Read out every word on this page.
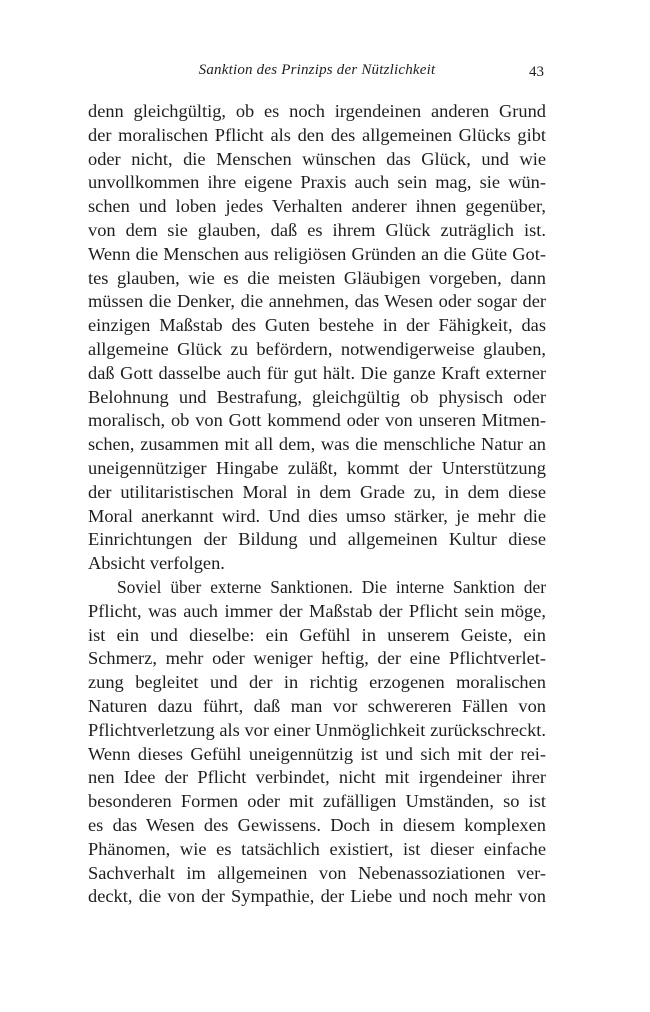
Sanktion des Prinzips der Nützlichkeit	43
denn gleichgültig, ob es noch irgendeinen anderen Grund
der moralischen Pflicht als den des allgemeinen Glücks gibt
oder nicht, die Menschen wünschen das Glück, und wie
unvollkommen ihre eigene Praxis auch sein mag, sie wün-
schen und loben jedes Verhalten anderer ihnen gegenüber,
von dem sie glauben, daß es ihrem Glück zuträglich ist.
Wenn die Menschen aus religiösen Gründen an die Güte Got-
tes glauben, wie es die meisten Gläubigen vorgeben, dann
müssen die Denker, die annehmen, das Wesen oder sogar der
einzigen Maßstab des Guten bestehe in der Fähigkeit, das
allgemeine Glück zu befördern, notwendigerweise glauben,
daß Gott dasselbe auch für gut hält. Die ganze Kraft externer
Belohnung und Bestrafung, gleichgültig ob physisch oder
moralisch, ob von Gott kommend oder von unseren Mitmen-
schen, zusammen mit all dem, was die menschliche Natur an
uneigennütziger Hingabe zuläßt, kommt der Unterstützung
der utilitaristischen Moral in dem Grade zu, in dem diese
Moral anerkannt wird. Und dies umso stärker, je mehr die
Einrichtungen der Bildung und allgemeinen Kultur diese
Absicht verfolgen.
Soviel über externe Sanktionen. Die interne Sanktion der
Pflicht, was auch immer der Maßstab der Pflicht sein möge,
ist ein und dieselbe: ein Gefühl in unserem Geiste, ein
Schmerz, mehr oder weniger heftig, der eine Pflichtverlet-
zung begleitet und der in richtig erzogenen moralischen
Naturen dazu führt, daß man vor schwereren Fällen von
Pflichtverletzung als vor einer Unmöglichkeit zurückschreckt.
Wenn dieses Gefühl uneigennützig ist und sich mit der rei-
nen Idee der Pflicht verbindet, nicht mit irgendeiner ihrer
besonderen Formen oder mit zufälligen Umständen, so ist
es das Wesen des Gewissens. Doch in diesem komplexen
Phänomen, wie es tatsächlich existiert, ist dieser einfache
Sachverhalt im allgemeinen von Nebenassoziationen ver-
deckt, die von der Sympathie, der Liebe und noch mehr von
